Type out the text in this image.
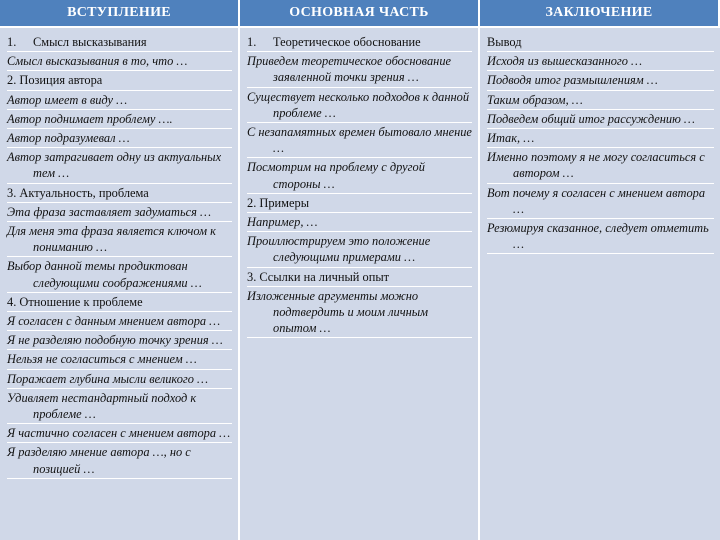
ВСТУПЛЕНИЕ	ОСНОВНАЯ ЧАСТЬ	ЗАКЛЮЧЕНИЕ
1. Смысл высказывания
Смысл высказывания в то, что …
2. Позиция автора
Автор имеет в виду …
Автор поднимает проблему ….
Автор подразумевал …
Автор затрагивает одну из актуальных тем …
3. Актуальность, проблема
Эта фраза заставляет задуматься …
Для меня эта фраза является ключом к пониманию …
Выбор данной темы продиктован следующими соображениями …
4. Отношение к проблеме
Я согласен с данным мнением автора …
Я не разделяю подобную точку зрения …
Нельзя не согласиться с мнением …
Поражает глубина мысли великого …
Удивляет нестандартный подход к проблеме …
Я частично согласен с мнением автора …
Я разделяю мнение автора …, но с позицией …
1. Теоретическое обоснование
Приведем теоретическое обоснование заявленной точки зрения …
Существует несколько подходов к данной проблеме …
С незапамятных времен бытовало мнение …
Посмотрим на проблему с другой стороны …
2. Примеры
Например, …
Проиллюстрируем это положение следующими примерами …
3. Ссылки на личный опыт
Изложенные аргументы можно подтвердить и моим личным опытом …
Вывод
Исходя из вышесказанного …
Подводя итог размышлениям …
Таким образом, …
Подведем общий итог рассуждению …
Итак, …
Именно поэтому я не могу согласиться с автором …
Вот почему я согласен с мнением автора …
Резюмируя сказанное, следует отметить …
